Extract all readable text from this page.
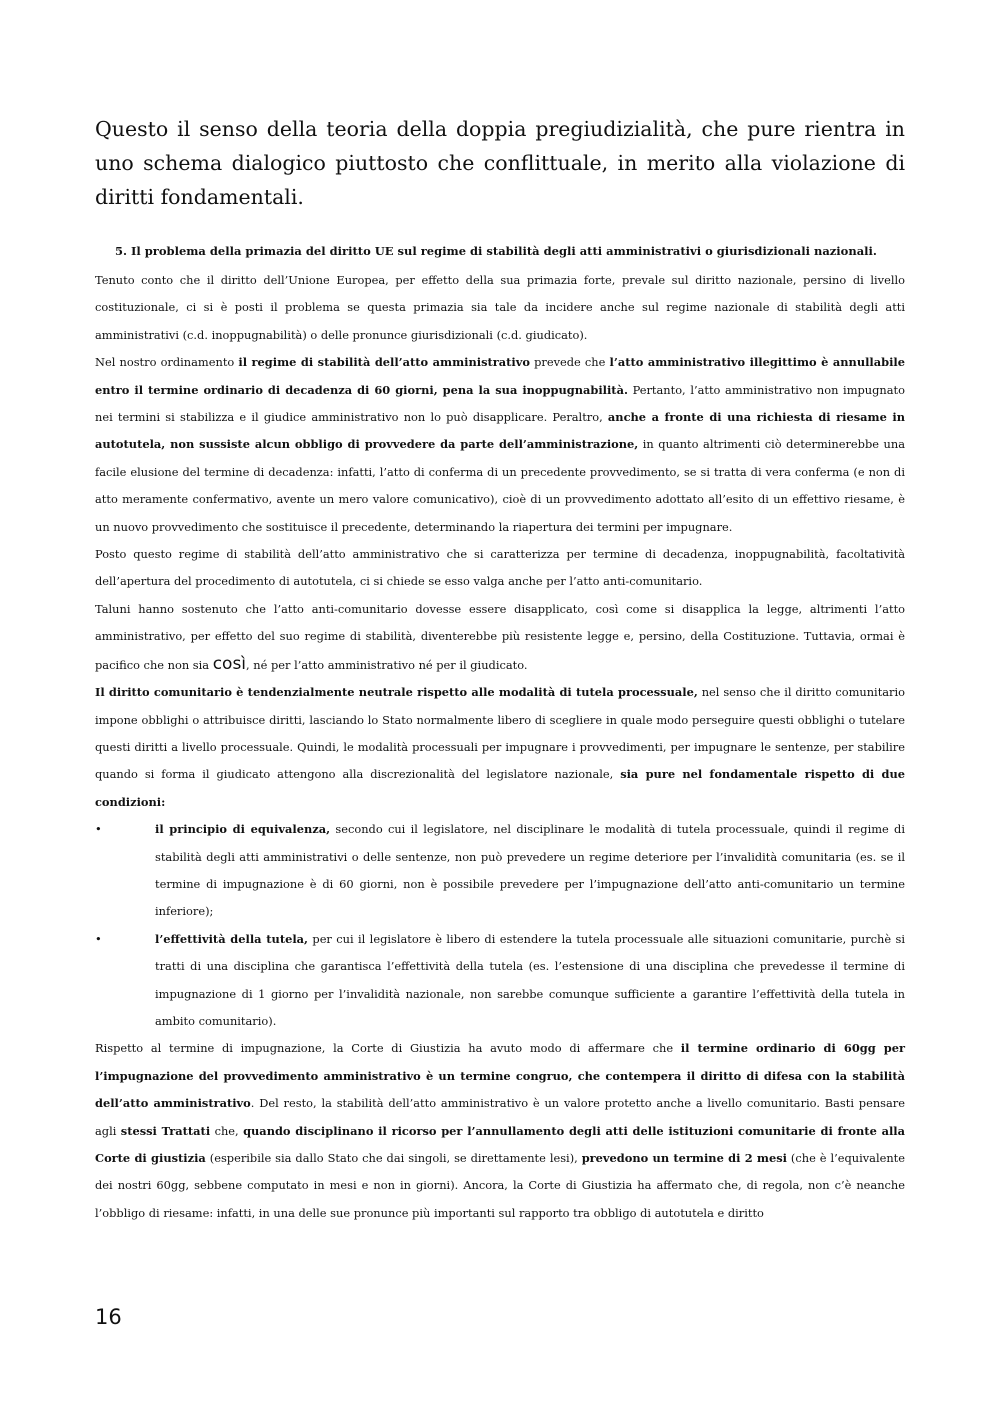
Questo il senso della teoria della doppia pregiudizialità, che pure rientra in uno schema dialogico piuttosto che conflittuale, in merito alla violazione di diritti fondamentali.

5. Il problema della primazia del diritto UE sul regime di stabilità degli atti amministrativi o giurisdizionali nazionali.

Tenuto conto che il diritto dell’Unione Europea, per effetto della sua primazia forte, prevale sul diritto nazionale, persino di livello costituzionale, ci si è posti il problema se questa primazia sia tale da incidere anche sul regime nazionale di stabilità degli atti amministrativi (c.d. inoppugnabilità) o delle pronunce giurisdizionali (c.d. giudicato).

Nel nostro ordinamento il regime di stabilità dell’atto amministrativo prevede che l’atto amministrativo illegittimo è annullabile entro il termine ordinario di decadenza di 60 giorni, pena la sua inoppugnabilità. Pertanto, l’atto amministrativo non impugnato nei termini si stabilizza e il giudice amministrativo non lo può disapplicare. Peraltro, anche a fronte di una richiesta di riesame in autotutela, non sussiste alcun obbligo di provvedere da parte dell’amministrazione, in quanto altrimenti ciò determinerebbe una facile elusione del termine di decadenza: infatti, l’atto di conferma di un precedente provvedimento, se si tratta di vera conferma (e non di atto meramente confermativo, avente un mero valore comunicativo), cioè di un provvedimento adottato all’esito di un effettivo riesame, è un nuovo provvedimento che sostituisce il precedente, determinando la riapertura dei termini per impugnare.

Posto questo regime di stabilità dell’atto amministrativo che si caratterizza per termine di decadenza, inoppugnabilità, facoltatività dell’apertura del procedimento di autotutela, ci si chiede se esso valga anche per l’atto anti-comunitario.

Taluni hanno sostenuto che l’atto anti-comunitario dovesse essere disapplicato, così come si disapplica la legge, altrimenti l’atto amministrativo, per effetto del suo regime di stabilità, diventerebbe più resistente legge e, persino, della Costituzione. Tuttavia, ormai è pacifico che non sia così, né per l’atto amministrativo né per il giudicato.

Il diritto comunitario è tendenzialmente neutrale rispetto alle modalità di tutela processuale, nel senso che il diritto comunitario impone obblighi o attribuisce diritti, lasciando lo Stato normalmente libero di scegliere in quale modo perseguire questi obblighi o tutelare questi diritti a livello processuale. Quindi, le modalità processuali per impugnare i provvedimenti, per impugnare le sentenze, per stabilire quando si forma il giudicato attengono alla discrezionalità del legislatore nazionale, sia pure nel fondamentale rispetto di due condizioni:

•	il principio di equivalenza, secondo cui il legislatore, nel disciplinare le modalità di tutela processuale, quindi il regime di stabilità degli atti amministrativi o delle sentenze, non può prevedere un regime deteriore per l’invalidità comunitaria (es. se il termine di impugnazione è di 60 giorni, non è possibile prevedere per l’impugnazione dell’atto anti-comunitario un termine inferiore);
•	l’effettività della tutela, per cui il legislatore è libero di estendere la tutela processuale alle situazioni comunitarie, purchè si tratti di una disciplina che garantisca l’effettività della tutela (es. l’estensione di una disciplina che prevedesse il termine di impugnazione di 1 giorno per l’invalidità nazionale, non sarebbe comunque sufficiente a garantire l’effettività della tutela in ambito comunitario).

Rispetto al termine di impugnazione, la Corte di Giustizia ha avuto modo di affermare che il termine ordinario di 60gg per l’impugnazione del provvedimento amministrativo è un termine congruo, che contempera il diritto di difesa con la stabilità dell’atto amministrativo. Del resto, la stabilità dell’atto amministrativo è un valore protetto anche a livello comunitario. Basti pensare agli stessi Trattati che, quando disciplinano il ricorso per l’annullamento degli atti delle istituzioni comunitarie di fronte alla Corte di giustizia (esperibile sia dallo Stato che dai singoli, se direttamente lesi), prevedono un termine di 2 mesi (che è l’equivalente dei nostri 60gg, sebbene computato in mesi e non in giorni). Ancora, la Corte di Giustizia ha affermato che, di regola, non c’è neanche l’obbligo di riesame: infatti, in una delle sue pronunce più importanti sul rapporto tra obbligo di autotutela e diritto

16
